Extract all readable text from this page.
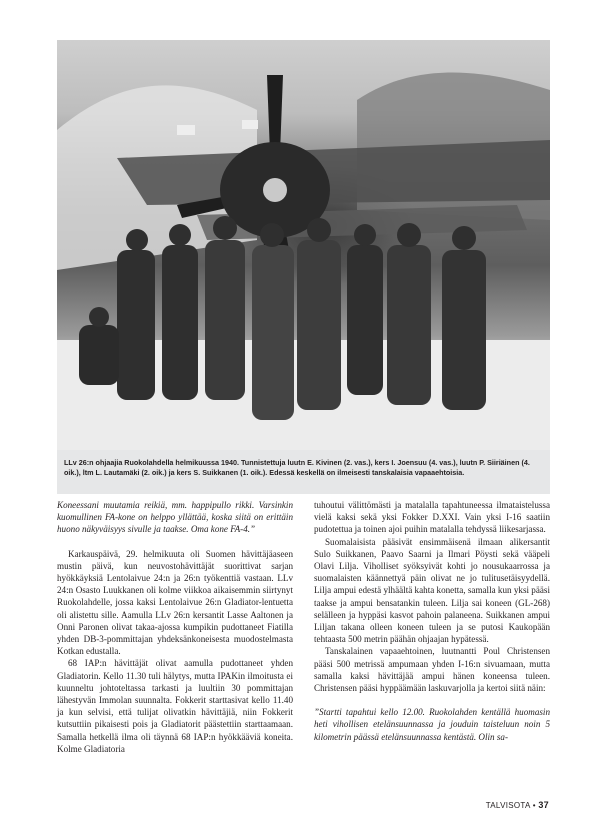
LLv 26:n ohjaajia Ruokolahdella helmikuussa 1940. Tunnistettuja luutn E. Kivinen (2. vas.), kers I. Joensuu (4. vas.), luutn P. Siiriäinen (4. oik.), ltm L. Lautamäki (2. oik.) ja kers S. Suikkanen (1. oik.). Edessä keskellä on ilmeisesti tanskalaisia vapaaehtoisia.

Koneessani muutamia reikiä, mm. happipullo rikki. Varsinkin kuomullinen FA-kone on helppo yllättää, koska siitä on erittäin huono näkyväisyys sivulle ja taakse. Oma kone FA-4.”

Karkauspäivä, 29. helmikuuta oli Suomen hävittäjäaseen mustin päivä, kun neuvostohävittäjät suorittivat sarjan hyökkäyksiä Lentolaivue 24:n ja 26:n työkenttiä vastaan. LLv 24:n Osasto Luukkanen oli kolme viikkoa aikaisemmin siirtynyt Ruokolahdelle, jossa kaksi Lentolaivue 26:n Gladiator-lentuetta oli alistettu sille. Aamulla LLv 26:n kersantit Lasse Aaltonen ja Onni Paronen olivat takaa-ajossa kumpikin pudottaneet Fiatilla yhden DB-3-pommittajan yhdeksänkoneisesta muodostelmasta Kotkan edustalla.

68 IAP:n hävittäjät olivat aamulla pudottaneet yhden Gladiatorin. Kello 11.30 tuli hälytys, mutta IPAKin ilmoitusta ei kuunneltu johtoteltassa tarkasti ja luultiin 30 pommittajan lähestyvän Immolan suunnalta. Fokkerit starttasivat kello 11.40 ja kun selvisi, että tulijat olivatkin hävittäjiä, niin Fokkerit kutsuttiin pikaisesti pois ja Gladiatorit päästettiin starttaamaan. Samalla hetkellä ilma oli täynnä 68 IAP:n hyökkääviä koneita. Kolme Gladiatoria

tuhoutui välittömästi ja matalalla tapahtuneessa ilmataistelussa vielä kaksi sekä yksi Fokker D.XXI. Vain yksi I-16 saatiin pudotettua ja toinen ajoi puihin matalalla tehdyssä liikesarjassa.

Suomalaisista pääsivät ensimmäisenä ilmaan alikersantit Sulo Suikkanen, Paavo Saarni ja Ilmari Pöysti sekä vääpeli Olavi Lilja. Viholliset syöksyivät kohti jo nousukaarrossa ja suomalaisten käännettyä päin olivat ne jo tulitusetäisyydellä. Lilja ampui edestä ylhäältä kahta konetta, samalla kun yksi pääsi taakse ja ampui bensatankin tuleen. Lilja sai koneen (GL-268) selälleen ja hyppäsi kasvot pahoin palaneena. Suikkanen ampui Liljan takana olleen koneen tuleen ja se putosi Kaukopään tehtaasta 500 metrin päähän ohjaajan hypätessä.

Tanskalainen vapaaehtoinen, luutnantti Poul Christensen pääsi 500 metrissä ampumaan yhden I-16:n sivuamaan, mutta samalla kaksi hävittäjää ampui hänen koneensa tuleen. Christensen pääsi hyppäämään laskuvarjolla ja kertoi siitä näin:

”Startti tapahtui kello 12.00. Ruokolahden kentällä huomasin heti vihollisen etelänsuunnassa ja jouduin taisteluun noin 5 kilometrin päässä etelänsuunnassa kentästä. Olin sa-

TALVISOTA • 37
